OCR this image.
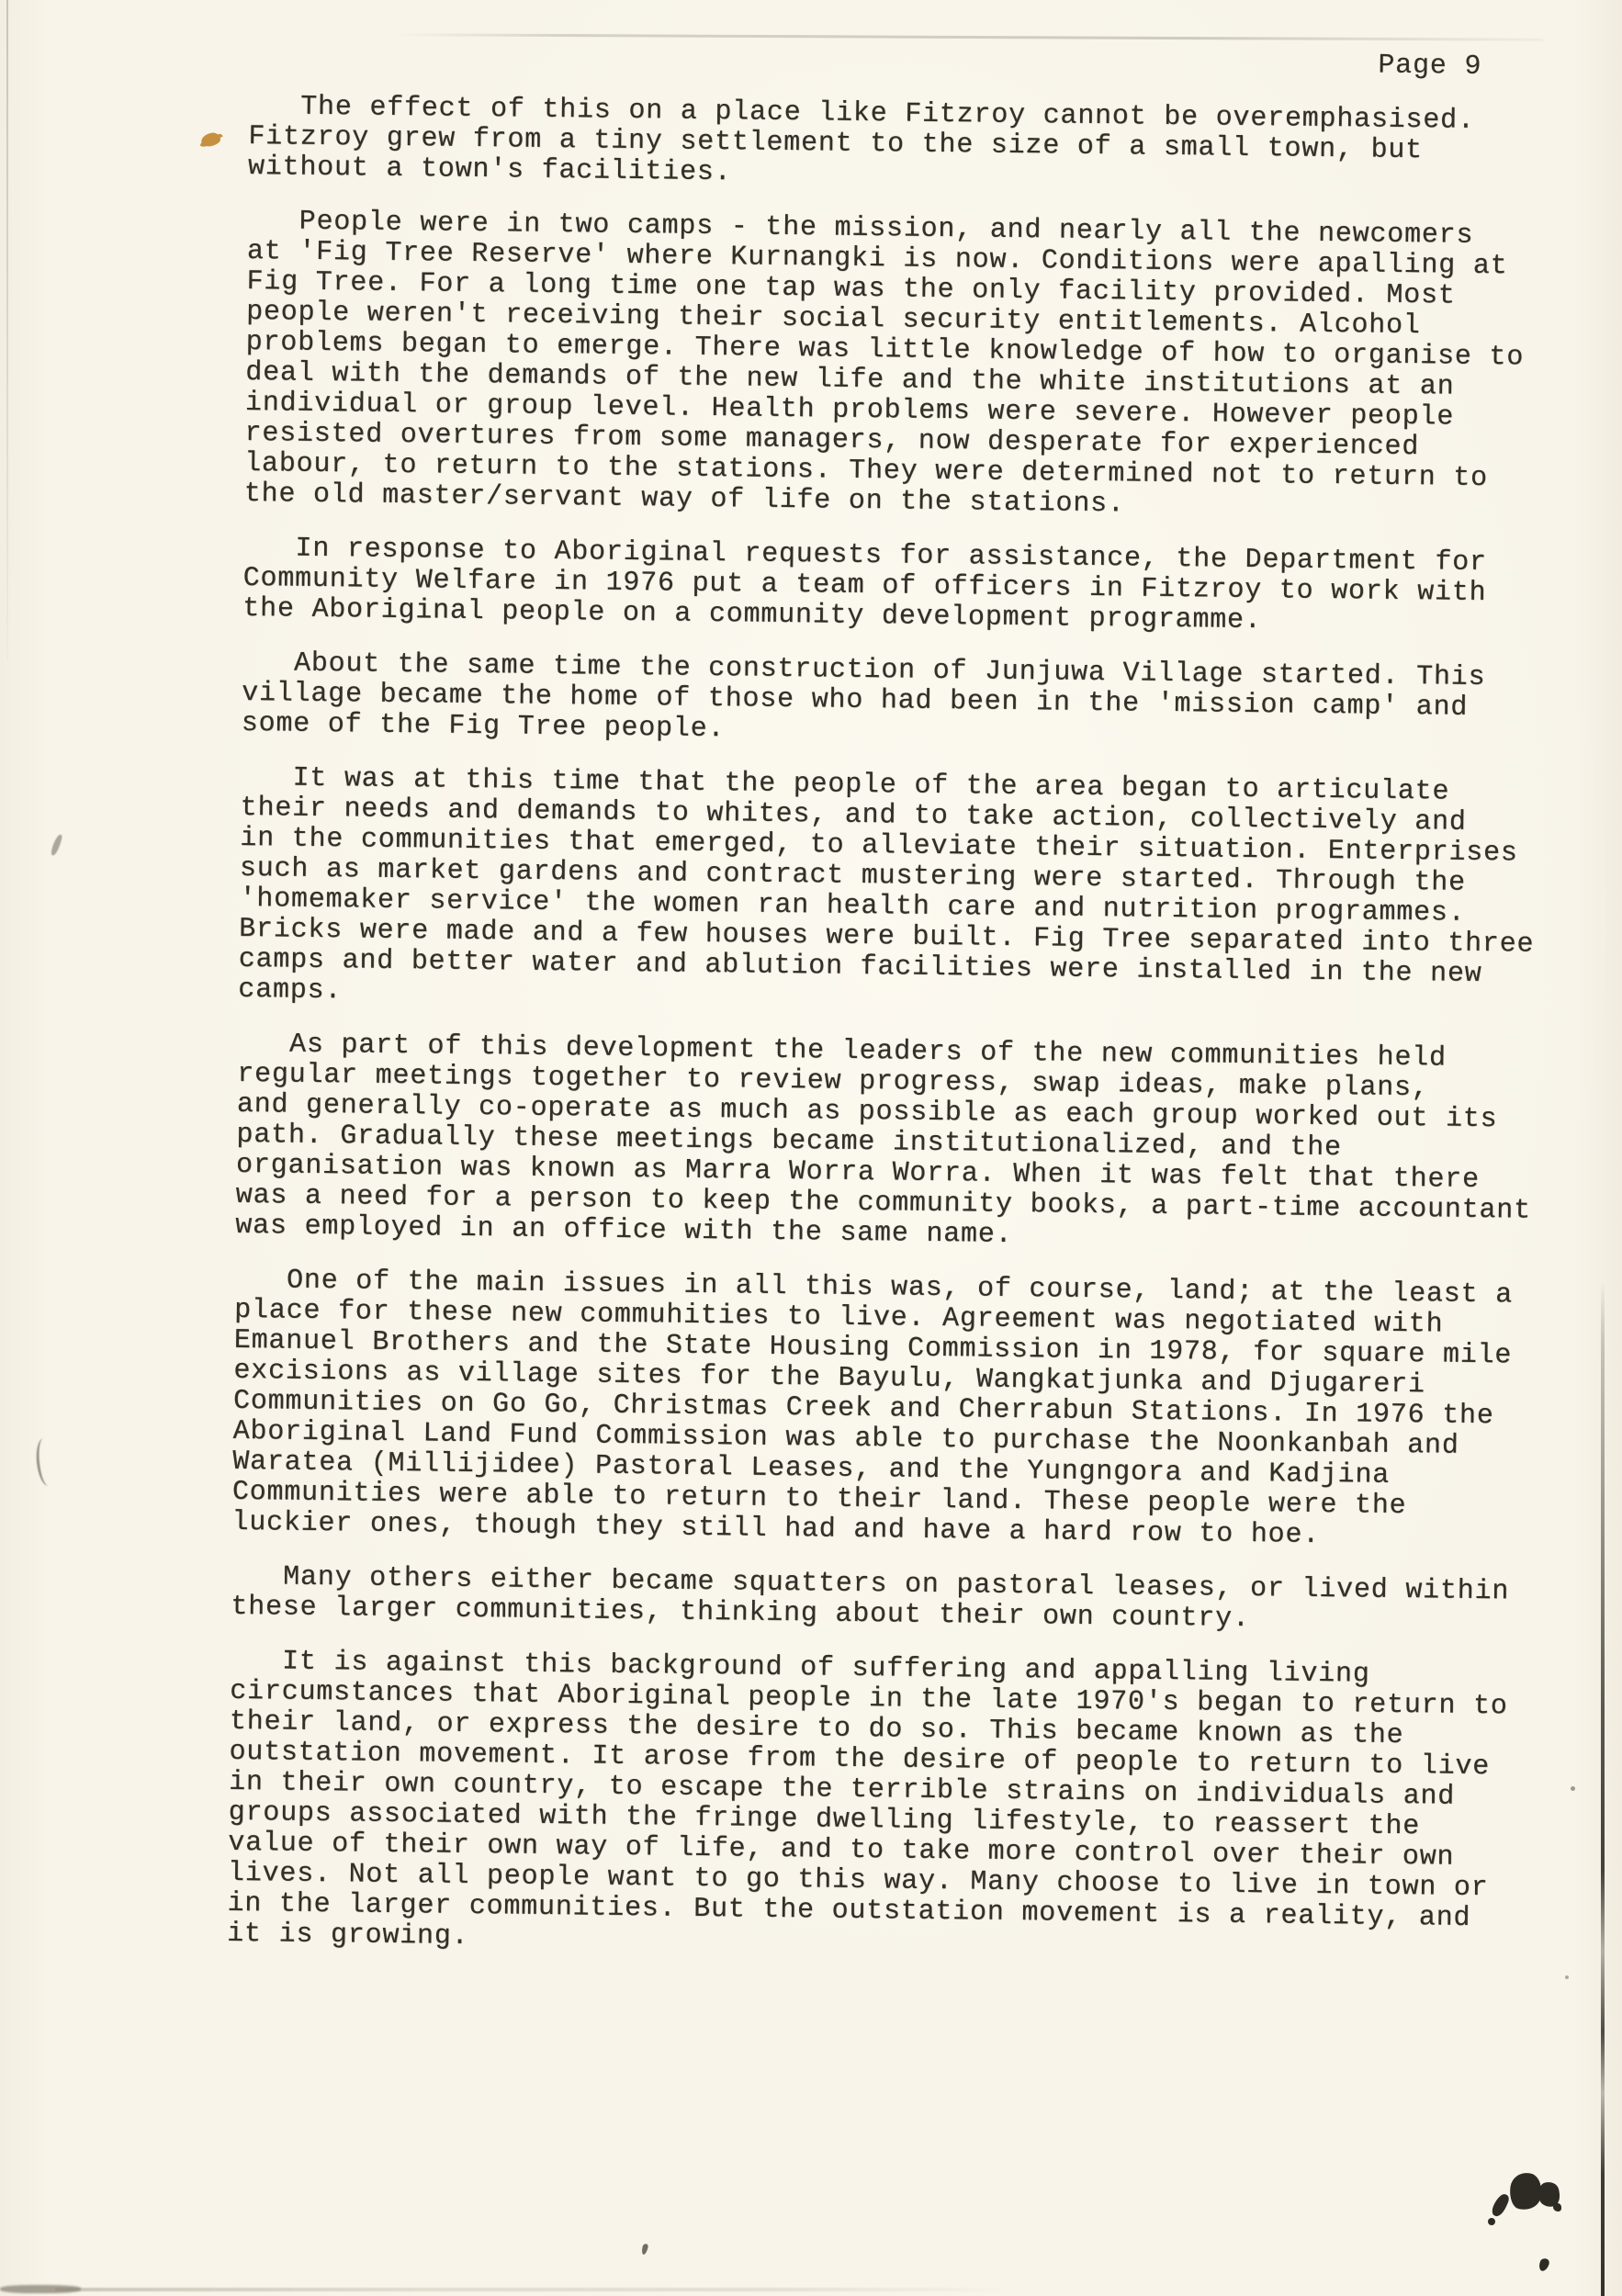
Page 9
The effect of this on a place like Fitzroy cannot be overemphasised.
Fitzroy grew from a tiny settlement to the size of a small town, but
without a town's facilities.
People were in two camps - the mission, and nearly all the newcomers
at 'Fig Tree Reserve' where Kurnangki is now. Conditions were apalling at
Fig Tree. For a long time one tap was the only facility provided. Most
people weren't receiving their social security entitlements. Alcohol
problems began to emerge. There was little knowledge of how to organise to
deal with the demands of the new life and the white institutions at an
individual or group level. Health problems were severe. However people
resisted overtures from some managers, now desperate for experienced
labour, to return to the stations. They were determined not to return to
the old master/servant way of life on the stations.
In response to Aboriginal requests for assistance, the Department for
Community Welfare in 1976 put a team of officers in Fitzroy to work with
the Aboriginal people on a community development programme.
About the same time the construction of Junjuwa Village started. This
village became the home of those who had been in the 'mission camp' and
some of the Fig Tree people.
It was at this time that the people of the area began to articulate
their needs and demands to whites, and to take action, collectively and
in the communities that emerged, to alleviate their situation. Enterprises
such as market gardens and contract mustering were started. Through the
'homemaker service' the women ran health care and nutrition programmes.
Bricks were made and a few houses were built. Fig Tree separated into three
camps and better water and ablution facilities were installed in the new
camps.
As part of this development the leaders of the new communities held
regular meetings together to review progress, swap ideas, make plans,
and generally co-operate as much as possible as each group worked out its
path. Gradually these meetings became institutionalized, and the
organisation was known as Marra Worra Worra. When it was felt that there
was a need for a person to keep the community books, a part-time accountant
was employed in an office with the same name.
One of the main issues in all this was, of course, land; at the least a
place for these new commuhities to live. Agreement was negotiated with
Emanuel Brothers and the State Housing Commission in 1978, for square mile
excisions as village sites for the Bayulu, Wangkatjunka and Djugareri
Communities on Go Go, Christmas Creek and Cherrabun Stations. In 1976 the
Aboriginal Land Fund Commission was able to purchase the Noonkanbah and
Waratea (Millijidee) Pastoral Leases, and the Yungngora and Kadjina
Communities were able to return to their land. These people were the
luckier ones, though they still had and have a hard row to hoe.
Many others either became squatters on pastoral leases, or lived within
these larger communities, thinking about their own country.
It is against this background of suffering and appalling living
circumstances that Aboriginal people in the late 1970's began to return to
their land, or express the desire to do so. This became known as the
outstation movement. It arose from the desire of people to return to live
in their own country, to escape the terrible strains on individuals and
groups associated with the fringe dwelling lifestyle, to reassert the
value of their own way of life, and to take more control over their own
lives. Not all people want to go this way. Many choose to live in town or
in the larger communities. But the outstation movement is a reality, and
it is growing.
